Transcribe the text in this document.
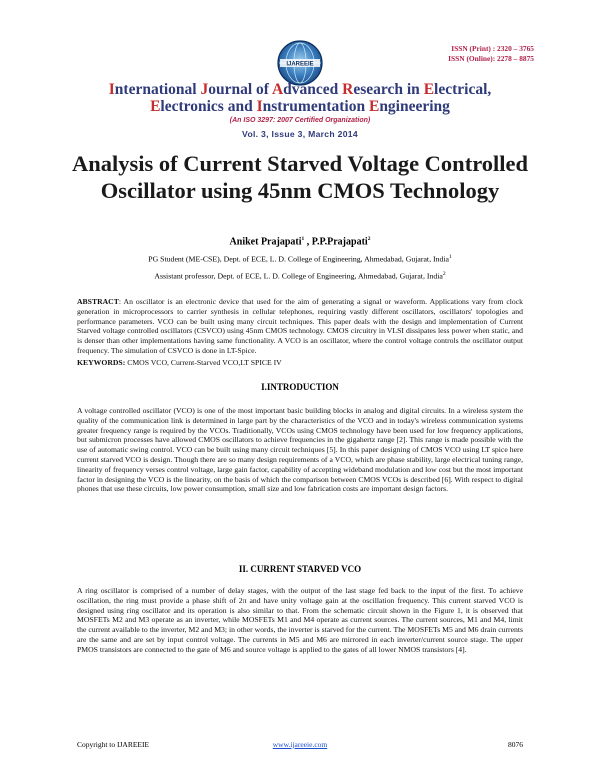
IJAREEIE
ISSN (Print) : 2320 – 3765
ISSN (Online): 2278 – 8875
International Journal of Advanced Research in Electrical,
Electronics and Instrumentation Engineering
(An ISO 3297: 2007 Certified Organization)
Vol. 3, Issue 3, March 2014
Analysis of Current Starved Voltage Controlled Oscillator using 45nm CMOS Technology
Aniket Prajapati$^1$ , P.P.Prajapati$^2$
PG Student (ME-CSE), Dept. of ECE, L. D. College of Engineering, Ahmedabad, Gujarat, India$^1$
Assistant professor, Dept. of ECE, L. D. College of Engineering, Ahmedabad, Gujarat, India$^2$
ABSTRACT: An oscillator is an electronic device that used for the aim of generating a signal or waveform. Applications vary from clock generation in microprocessors to carrier synthesis in cellular telephones, requiring vastly different oscillators, oscillators' topologies and performance parameters. VCO can be built using many circuit techniques. This paper deals with the design and implementation of Current Starved voltage controlled oscillators (CSVCO) using 45nm CMOS technology. CMOS circuitry in VLSI dissipates less power when static, and is denser than other implementations having same functionality. A VCO is an oscillator, where the control voltage controls the oscillator output frequency. The simulation of CSVCO is done in LT-Spice.
KEYWORDS: CMOS VCO, Current-Starved VCO,LT SPICE IV
I.INTRODUCTION
A voltage controlled oscillator (VCO) is one of the most important basic building blocks in analog and digital circuits. In a wireless system the quality of the communication link is determined in large part by the characteristics of the VCO and in today's wireless communication systems greater frequency range is required by the VCOs. Traditionally, VCOs using CMOS technology have been used for low frequency applications, but submicron processes have allowed CMOS oscillators to achieve frequencies in the gigahertz range [2]. This range is made possible with the use of automatic swing control. VCO can be built using many circuit techniques [5]. In this paper designing of CMOS VCO using LT spice here current starved VCO is design. Though there are so many design requirements of a VCO, which are phase stability, large electrical tuning range, linearity of frequency verses control voltage, large gain factor, capability of accepting wideband modulation and low cost but the most important factor in designing the VCO is the linearity, on the basis of which the comparison between CMOS VCOs is described [6]. With respect to digital phones that use these circuits, low power consumption, small size and low fabrication costs are important design factors.
II. CURRENT STARVED VCO
A ring oscillator is comprised of a number of delay stages, with the output of the last stage fed back to the input of the first. To achieve oscillation, the ring must provide a phase shift of 2π and have unity voltage gain at the oscillation frequency. This current starved VCO is designed using ring oscillator and its operation is also similar to that. From the schematic circuit shown in the Figure 1, it is observed that MOSFETs M2 and M3 operate as an inverter, while MOSFETs M1 and M4 operate as current sources. The current sources, M1 and M4, limit the current available to the inverter, M2 and M3; in other words, the inverter is starved for the current. The MOSFETs M5 and M6 drain currents are the same and are set by input control voltage. The currents in M5 and M6 are mirrored in each inverter/current source stage. The upper PMOS transistors are connected to the gate of M6 and source voltage is applied to the gates of all lower NMOS transistors [4].
Copyright to IJAREEIE	www.ijareeie.com	8076
